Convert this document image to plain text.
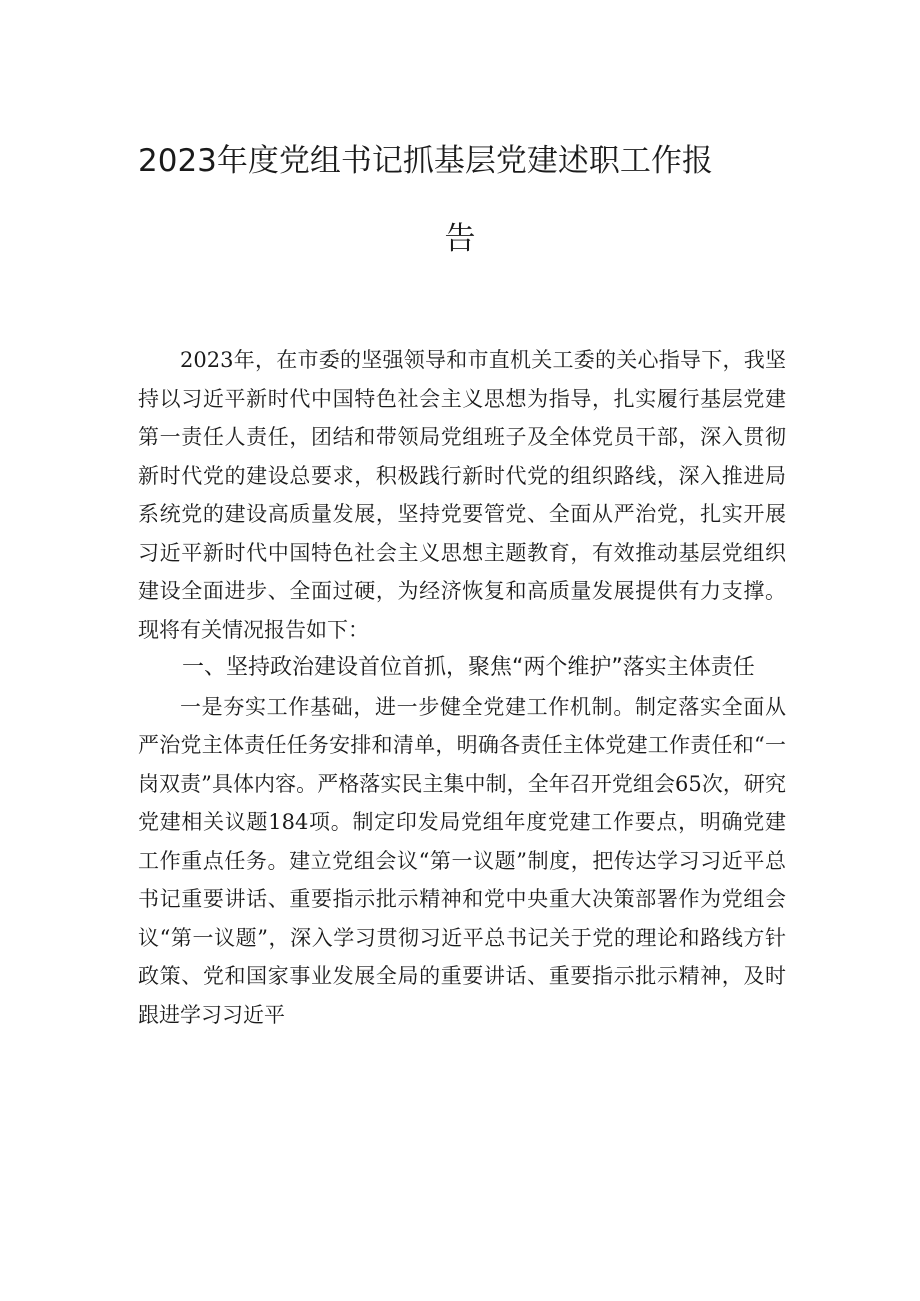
2023年度党组书记抓基层党建述职工作报
告

2023年，在市委的坚强领导和市直机关工委的关心指导下，我坚持以习近平新时代中国特色社会主义思想为指导，扎实履行基层党建第一责任人责任，团结和带领局党组班子及全体党员干部，深入贯彻新时代党的建设总要求，积极践行新时代党的组织路线，深入推进局系统党的建设高质量发展，坚持党要管党、全面从严治党，扎实开展习近平新时代中国特色社会主义思想主题教育，有效推动基层党组织建设全面进步、全面过硬，为经济恢复和高质量发展提供有力支撑。现将有关情况报告如下：

一、坚持政治建设首位首抓，聚焦“两个维护”落实主体责任

一是夯实工作基础，进一步健全党建工作机制。制定落实全面从严治党主体责任任务安排和清单，明确各责任主体党建工作责任和“一岗双责”具体内容。严格落实民主集中制，全年召开党组会65次，研究党建相关议题184项。制定印发局党组年度党建工作要点，明确党建工作重点任务。建立党组会议“第一议题”制度，把传达学习习近平总书记重要讲话、重要指示批示精神和党中央重大决策部署作为党组会议“第一议题”，深入学习贯彻习近平总书记关于党的理论和路线方针政策、党和国家事业发展全局的重要讲话、重要指示批示精神，及时跟进学习习近平
